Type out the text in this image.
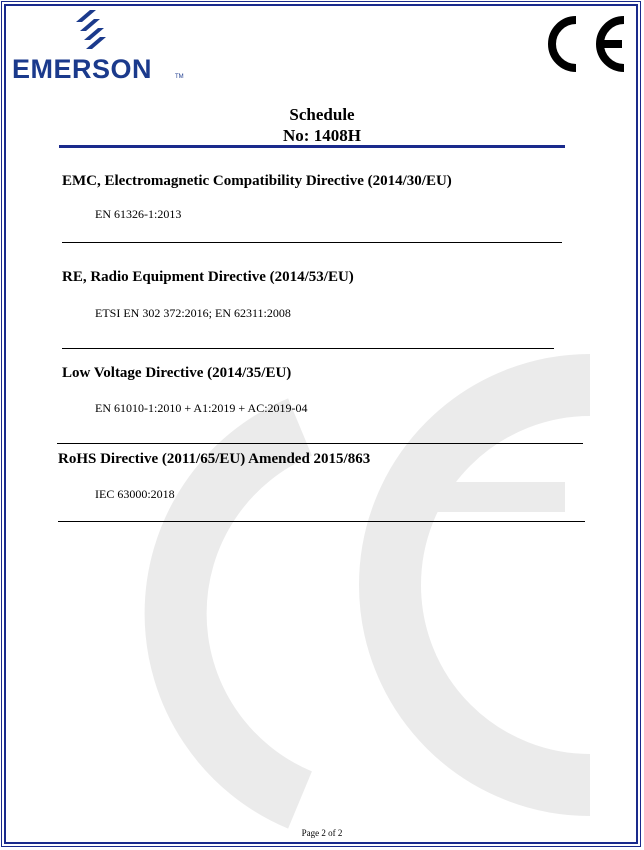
EMERSON	TM
Schedule
No: 1408H
EMC, Electromagnetic Compatibility Directive (2014/30/EU)
EN 61326-1:2013
RE, Radio Equipment Directive (2014/53/EU)
ETSI EN 302 372:2016; EN 62311:2008
Low Voltage Directive (2014/35/EU)
EN 61010-1:2010 + A1:2019 + AC:2019-04
RoHS Directive (2011/65/EU) Amended 2015/863
IEC 63000:2018
Page 2 of 2
